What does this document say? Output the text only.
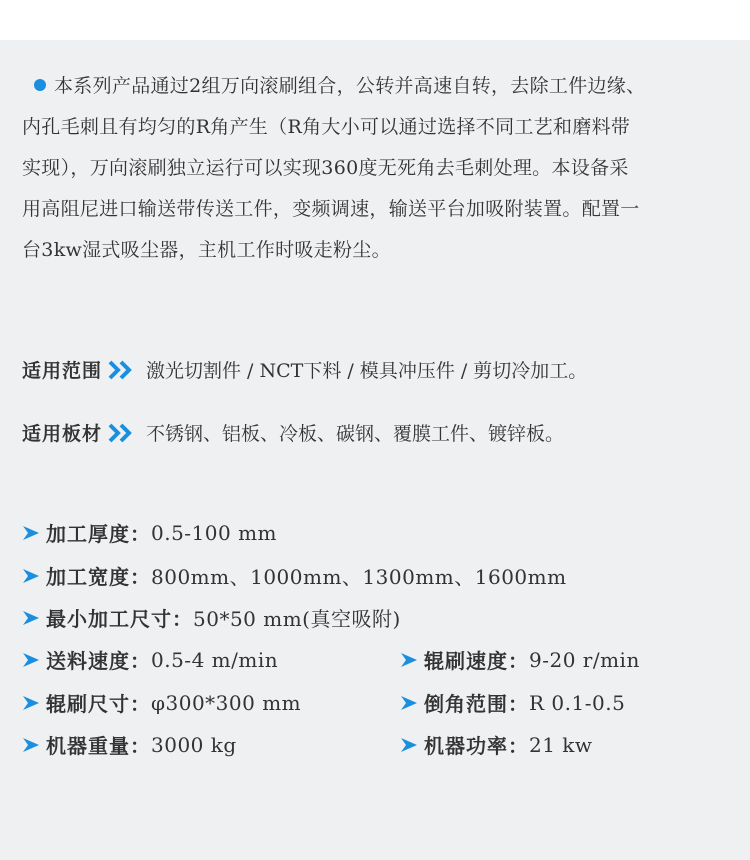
本系列产品通过2组万向滚刷组合，公转并高速自转，去除工件边缘、
内孔毛刺且有均匀的R角产生（R角大小可以通过选择不同工艺和磨料带
实现），万向滚刷独立运行可以实现360度无死角去毛刺处理。本设备采
用高阻尼进口输送带传送工件，变频调速，输送平台加吸附装置。配置一
台3kw湿式吸尘器，主机工作时吸走粉尘。
适用范围 激光切割件 / NCT下料 / 模具冲压件 / 剪切冷加工。
适用板材 不锈钢、铝板、冷板、碳钢、覆膜工件、镀锌板。
加工厚度： 0.5-100 mm
加工宽度： 800mm、1000mm、1300mm、1600mm
最小加工尺寸： 50*50 mm(真空吸附)
送料速度： 0.5-4 m/min	辊刷速度： 9-20 r/min
辊刷尺寸： φ300*300 mm	倒角范围： R 0.1-0.5
机器重量： 3000 kg	机器功率： 21 kw
